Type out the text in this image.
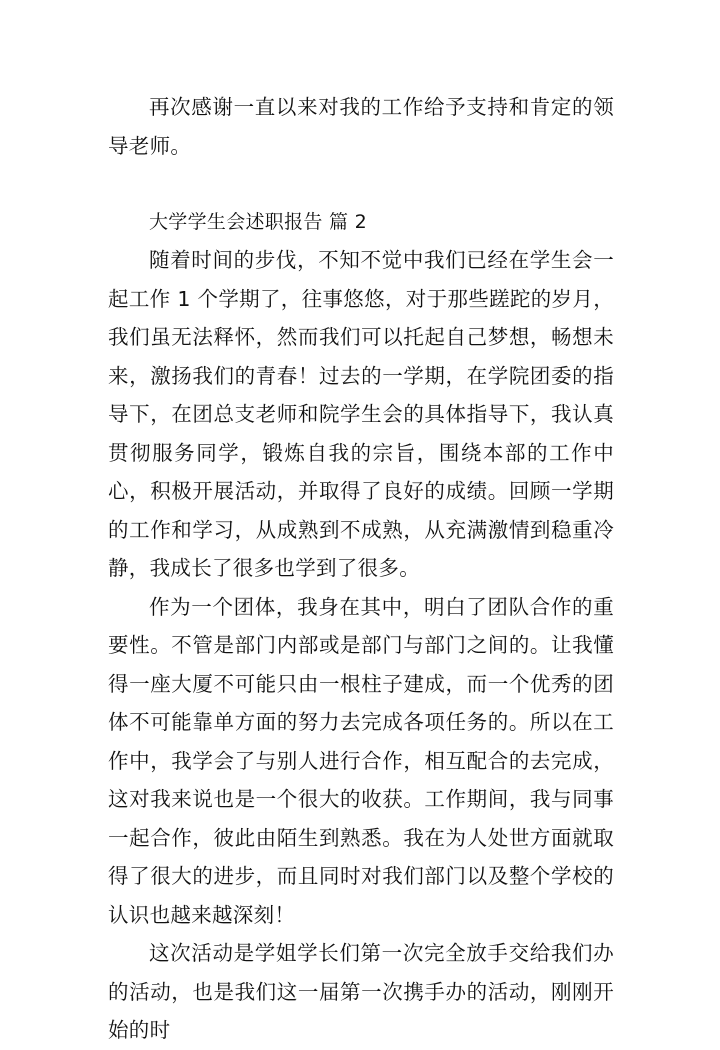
再次感谢一直以来对我的工作给予支持和肯定的领导老师。

大学学生会述职报告 篇 2

随着时间的步伐，不知不觉中我们已经在学生会一起工作 1 个学期了，往事悠悠，对于那些蹉跎的岁月，我们虽无法释怀，然而我们可以托起自己梦想，畅想未来，激扬我们的青春！过去的一学期，在学院团委的指导下，在团总支老师和院学生会的具体指导下，我认真贯彻服务同学，锻炼自我的宗旨，围绕本部的工作中心，积极开展活动，并取得了良好的成绩。回顾一学期的工作和学习，从成熟到不成熟，从充满激情到稳重冷静，我成长了很多也学到了很多。

作为一个团体，我身在其中，明白了团队合作的重要性。不管是部门内部或是部门与部门之间的。让我懂得一座大厦不可能只由一根柱子建成，而一个优秀的团体不可能靠单方面的努力去完成各项任务的。所以在工作中，我学会了与别人进行合作，相互配合的去完成，这对我来说也是一个很大的收获。工作期间，我与同事一起合作，彼此由陌生到熟悉。我在为人处世方面就取得了很大的进步，而且同时对我们部门以及整个学校的认识也越来越深刻！

这次活动是学姐学长们第一次完全放手交给我们办的活动，也是我们这一届第一次携手办的活动，刚刚开始的时
